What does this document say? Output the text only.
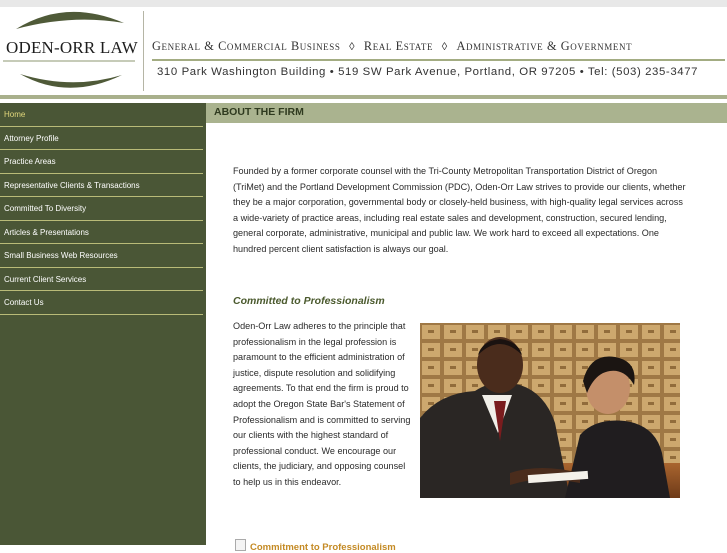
ODEN-ORR LAW General & Commercial Business ◊ Real Estate ◊ Administrative & Government
310 Park Washington Building • 519 SW Park Avenue, Portland, OR 97205 • Tel: (503) 235-3477
Home
Attorney Profile
Practice Areas
Representative Clients & Transactions
Committed To Diversity
Articles & Presentations
Small Business Web Resources
Current Client Services
Contact Us
ABOUT THE FIRM
Founded by a former corporate counsel with the Tri-County Metropolitan Transportation District of Oregon (TriMet) and the Portland Development Commission (PDC), Oden-Orr Law strives to provide our clients, whether they be a major corporation, governmental body or closely-held business, with high-quality legal services across a wide-variety of practice areas, including real estate sales and development, construction, secured lending, general corporate, administrative, municipal and public law. We work hard to exceed all expectations. One hundred percent client satisfaction is always our goal.
Committed to Professionalism
Oden-Orr Law adheres to the principle that professionalism in the legal profession is paramount to the efficient administration of justice, dispute resolution and solidifying agreements. To that end the firm is proud to adopt the Oregon State Bar's Statement of Professionalism and is committed to serving our clients with the highest standard of professional conduct. We encourage our clients, the judiciary, and opposing counsel to help us in this endeavor.
Commitment to Professionalism
